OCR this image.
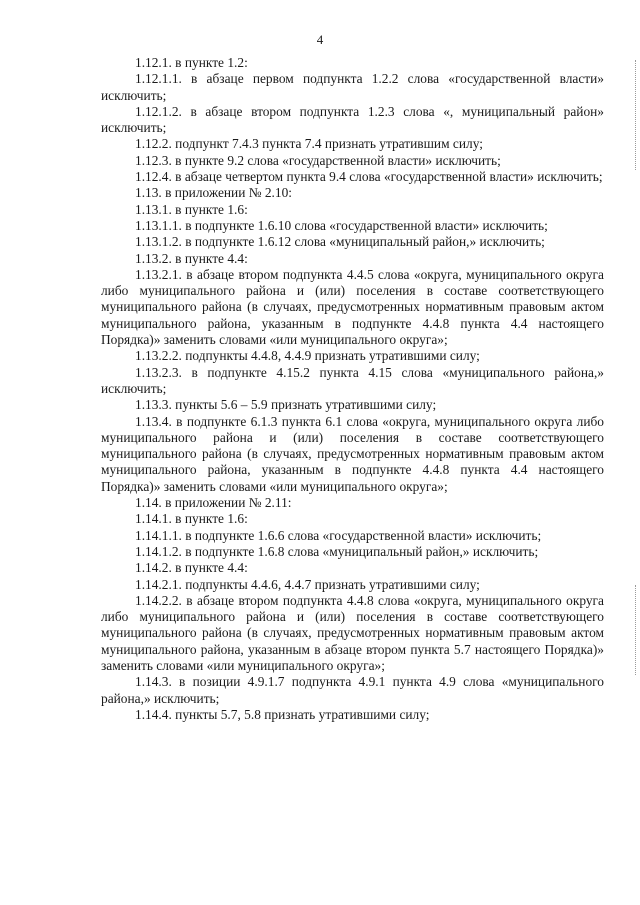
4

1.12.1. в пункте 1.2:

1.12.1.1. в абзаце первом подпункта 1.2.2 слова «государственной власти» исключить;

1.12.1.2. в абзаце втором подпункта 1.2.3 слова «, муниципальный район» исключить;

1.12.2. подпункт 7.4.3 пункта 7.4 признать утратившим силу;

1.12.3. в пункте 9.2 слова «государственной власти» исключить;

1.12.4. в абзаце четвертом пункта 9.4 слова «государственной власти» исключить;

1.13. в приложении № 2.10:

1.13.1. в пункте 1.6:

1.13.1.1. в подпункте 1.6.10 слова «государственной власти» исключить;

1.13.1.2. в подпункте 1.6.12 слова «муниципальный район,» исключить;

1.13.2. в пункте 4.4:

1.13.2.1. в абзаце втором подпункта 4.4.5 слова «округа, муниципального округа либо муниципального района и (или) поселения в составе соответствующего муниципального района (в случаях, предусмотренных нормативным правовым актом муниципального района, указанным в подпункте 4.4.8 пункта 4.4 настоящего Порядка)» заменить словами «или муниципального округа»;

1.13.2.2. подпункты 4.4.8, 4.4.9 признать утратившими силу;

1.13.2.3. в подпункте 4.15.2 пункта 4.15 слова «муниципального района,» исключить;

1.13.3. пункты 5.6 – 5.9 признать утратившими силу;

1.13.4. в подпункте 6.1.3 пункта 6.1 слова «округа, муниципального округа либо муниципального района и (или) поселения в составе соответствующего муниципального района (в случаях, предусмотренных нормативным правовым актом муниципального района, указанным в подпункте 4.4.8 пункта 4.4 настоящего Порядка)» заменить словами «или муниципального округа»;

1.14. в приложении № 2.11:

1.14.1. в пункте 1.6:

1.14.1.1. в подпункте 1.6.6 слова «государственной власти» исключить;

1.14.1.2. в подпункте 1.6.8 слова «муниципальный район,» исключить;

1.14.2. в пункте 4.4:

1.14.2.1. подпункты 4.4.6, 4.4.7 признать утратившими силу;

1.14.2.2. в абзаце втором подпункта 4.4.8 слова «округа, муниципального округа либо муниципального района и (или) поселения в составе соответствующего муниципального района (в случаях, предусмотренных нормативным правовым актом муниципального района, указанным в абзаце втором пункта 5.7 настоящего Порядка)» заменить словами «или муниципального округа»;

1.14.3. в позиции 4.9.1.7 подпункта 4.9.1 пункта 4.9 слова «муниципального района,» исключить;

1.14.4. пункты 5.7, 5.8 признать утратившими силу;
